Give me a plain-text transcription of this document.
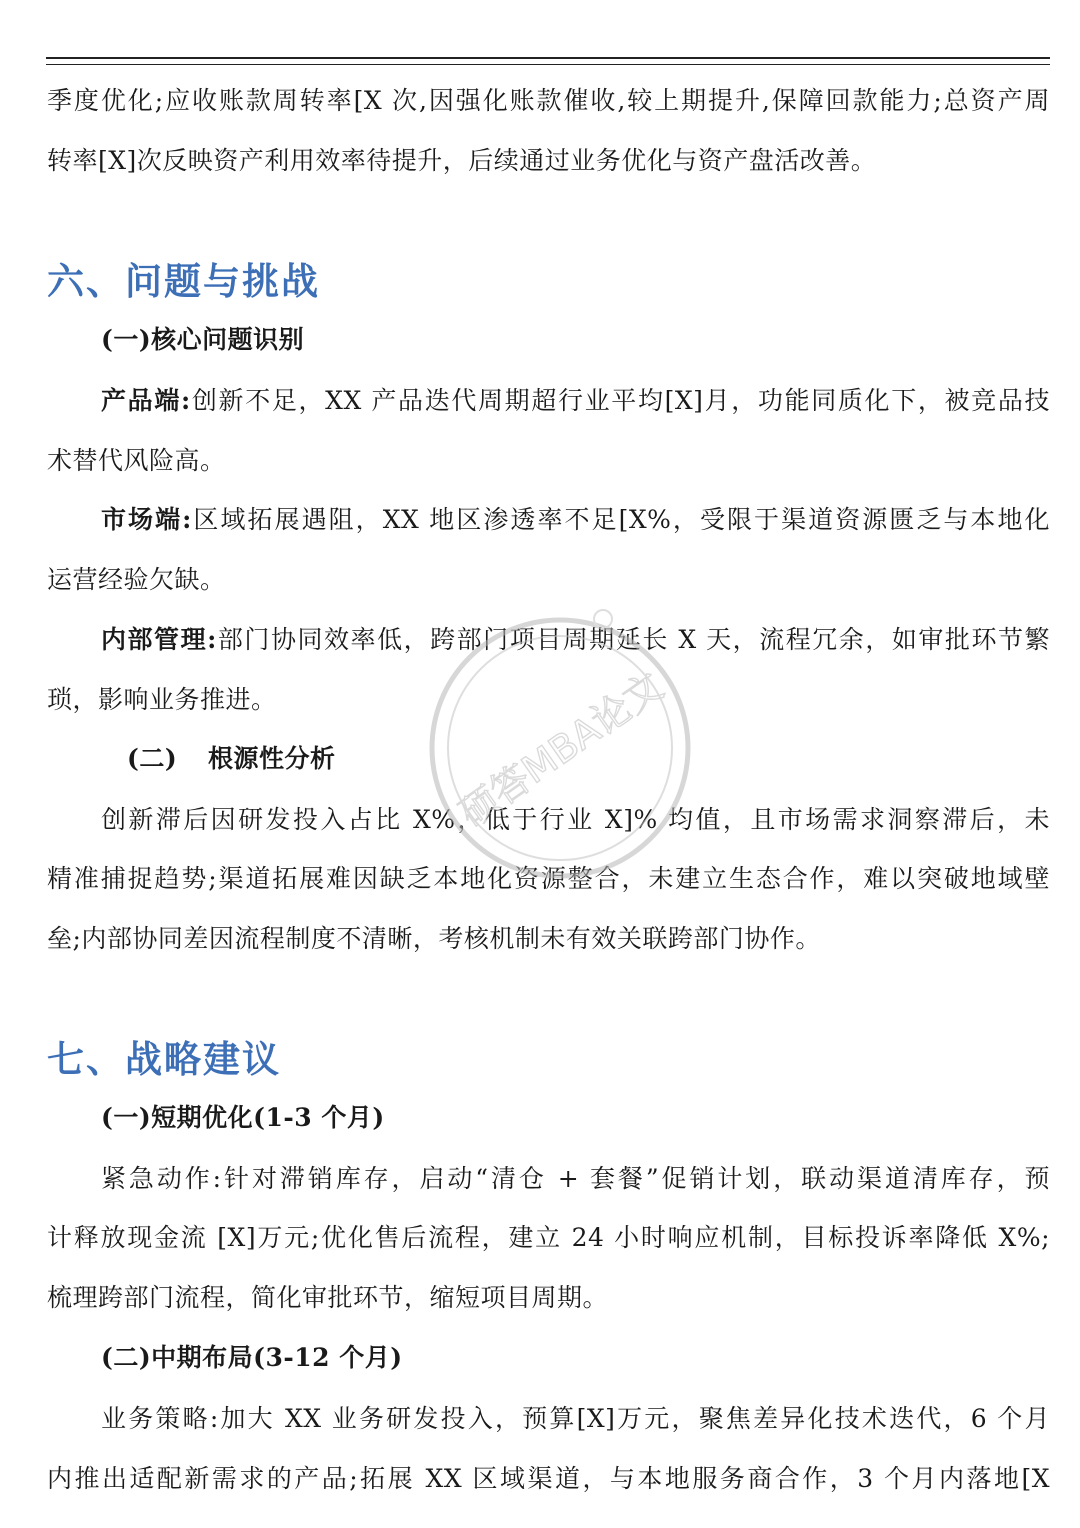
季度优化;应收账款周转率[X 次,因强化账款催收,较上期提升,保障回款能力;总资产周
转率[X]次反映资产利用效率待提升，后续通过业务优化与资产盘活改善。
六、问题与挑战
(一)核心问题识别
产品端:创新不足，XX 产品迭代周期超行业平均[X]月，功能同质化下，被竞品技
术替代风险高。
市场端:区域拓展遇阻，XX 地区渗透率不足[X%，受限于渠道资源匮乏与本地化
运营经验欠缺。
内部管理:部门协同效率低，跨部门项目周期延长 X 天，流程冗余，如审批环节繁
琐，影响业务推进。
(二) 根源性分析
创新滞后因研发投入占比 X%，低于行业 X]% 均值，且市场需求洞察滞后，未
精准捕捉趋势;渠道拓展难因缺乏本地化资源整合，未建立生态合作，难以突破地域壁
垒;内部协同差因流程制度不清晰，考核机制未有效关联跨部门协作。
七、战略建议
(一)短期优化(1-3 个月)
紧急动作:针对滞销库存，启动“清仓 + 套餐”促销计划，联动渠道清库存，预
计释放现金流 [X]万元;优化售后流程，建立 24 小时响应机制，目标投诉率降低 X%;
梳理跨部门流程，简化审批环节，缩短项目周期。
(二)中期布局(3-12 个月)
业务策略:加大 XX 业务研发投入，预算[X]万元，聚焦差异化技术迭代，6 个月
内推出适配新需求的产品;拓展 XX 区域渠道，与本地服务商合作，3 个月内落地[X
硕答MBA论文
